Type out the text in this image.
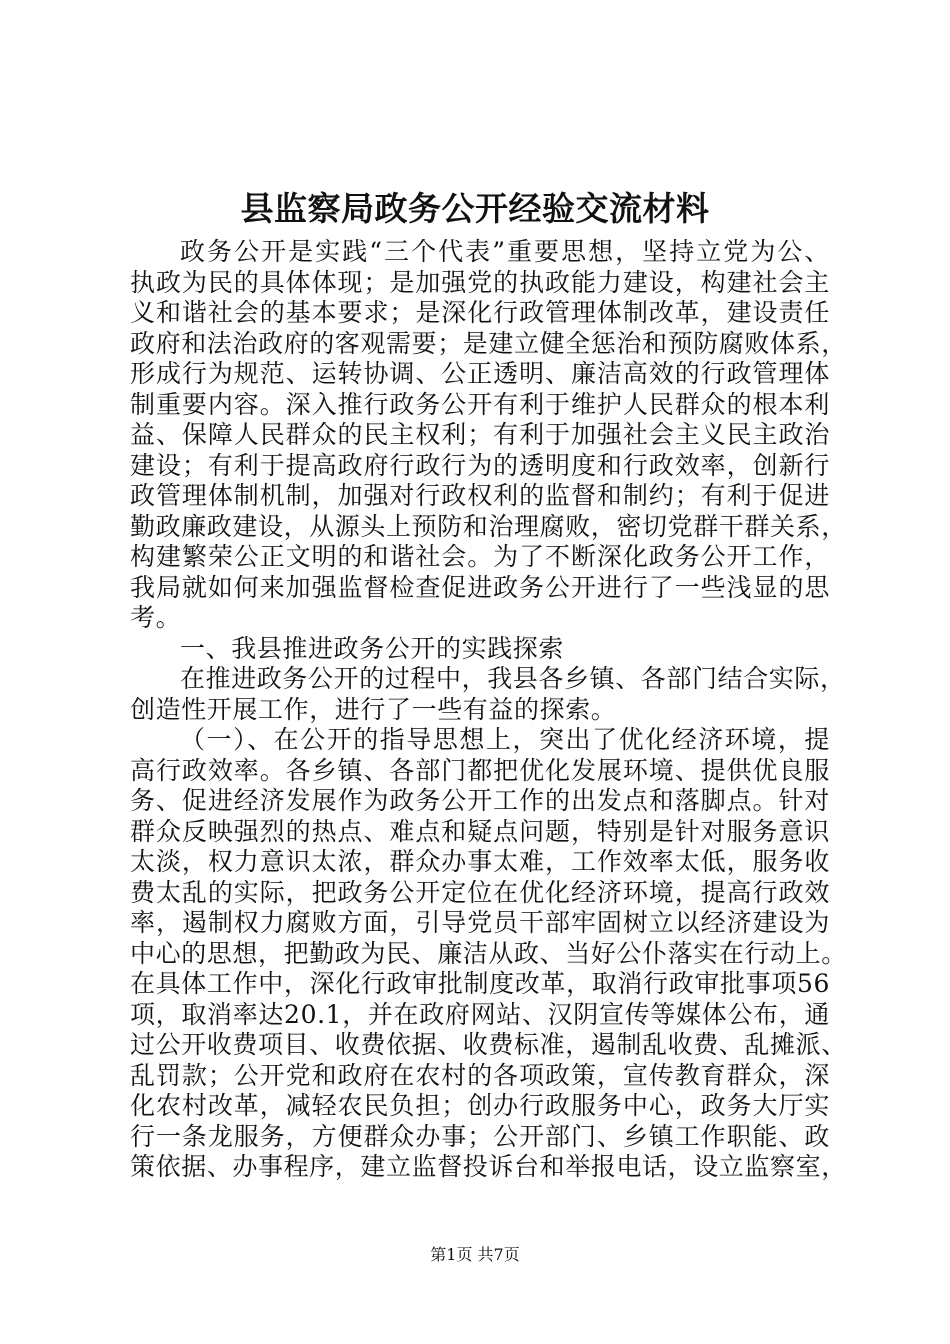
县监察局政务公开经验交流材料
政务公开是实践“三个代表”重要思想，坚持立党为公、
执政为民的具体体现；是加强党的执政能力建设，构建社会主
义和谐社会的基本要求；是深化行政管理体制改革，建设责任
政府和法治政府的客观需要；是建立健全惩治和预防腐败体系，
形成行为规范、运转协调、公正透明、廉洁高效的行政管理体
制重要内容。深入推行政务公开有利于维护人民群众的根本利
益、保障人民群众的民主权利；有利于加强社会主义民主政治
建设；有利于提高政府行政行为的透明度和行政效率，创新行
政管理体制机制，加强对行政权利的监督和制约；有利于促进
勤政廉政建设，从源头上预防和治理腐败，密切党群干群关系，
构建繁荣公正文明的和谐社会。为了不断深化政务公开工作，
我局就如何来加强监督检查促进政务公开进行了一些浅显的思
考。
一、我县推进政务公开的实践探索
在推进政务公开的过程中，我县各乡镇、各部门结合实际，
创造性开展工作，进行了一些有益的探索。
（一）、在公开的指导思想上，突出了优化经济环境，提
高行政效率。各乡镇、各部门都把优化发展环境、提供优良服
务、促进经济发展作为政务公开工作的出发点和落脚点。针对
群众反映强烈的热点、难点和疑点问题，特别是针对服务意识
太淡，权力意识太浓，群众办事太难，工作效率太低，服务收
费太乱的实际，把政务公开定位在优化经济环境，提高行政效
率，遏制权力腐败方面，引导党员干部牢固树立以经济建设为
中心的思想，把勤政为民、廉洁从政、当好公仆落实在行动上。
在具体工作中，深化行政审批制度改革，取消行政审批事项56
项，取消率达20.1，并在政府网站、汉阴宣传等媒体公布，通
过公开收费项目、收费依据、收费标准，遏制乱收费、乱摊派、
乱罚款；公开党和政府在农村的各项政策，宣传教育群众，深
化农村改革，减轻农民负担；创办行政服务中心，政务大厅实
行一条龙服务，方便群众办事；公开部门、乡镇工作职能、政
策依据、办事程序，建立监督投诉台和举报电话，设立监察室，
第1页 共7页
